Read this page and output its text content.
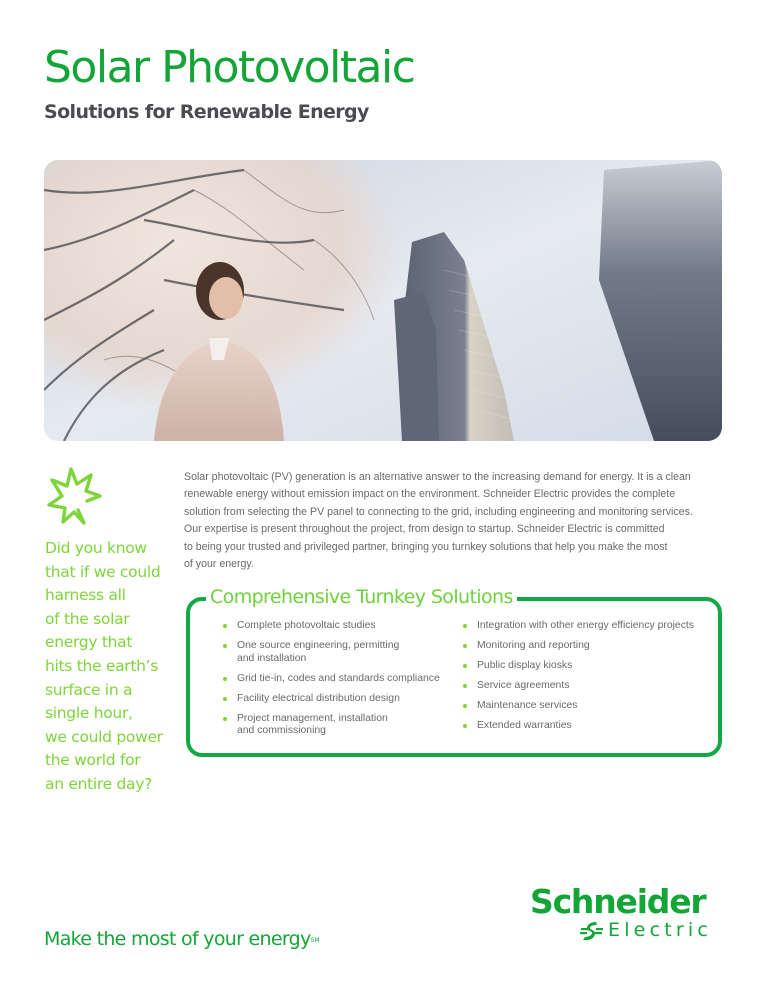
Solar Photovoltaic
Solutions for Renewable Energy
Did you know
that if we could
harness all
of the solar
energy that
hits the earth’s
surface in a
single hour,
we could power
the world for
an entire day?
Solar photovoltaic (PV) generation is an alternative answer to the increasing demand for energy. It is a clean
renewable energy without emission impact on the environment. Schneider Electric provides the complete
solution from selecting the PV panel to connecting to the grid, including engineering and monitoring services.
Our expertise is present throughout the project, from design to startup. Schneider Electric is committed
to being your trusted and privileged partner, bringing you turnkey solutions that help you make the most
of your energy.
Comprehensive Turnkey Solutions
Complete photovoltaic studies
One source engineering, permitting
and installation
Grid tie-in, codes and standards compliance
Facility electrical distribution design
Project management, installation
and commissioning
Integration with other energy efficiency projects
Monitoring and reporting
Public display kiosks
Service agreements
Maintenance services
Extended warranties
Make the most of your energy℠
Schneider
Electric
